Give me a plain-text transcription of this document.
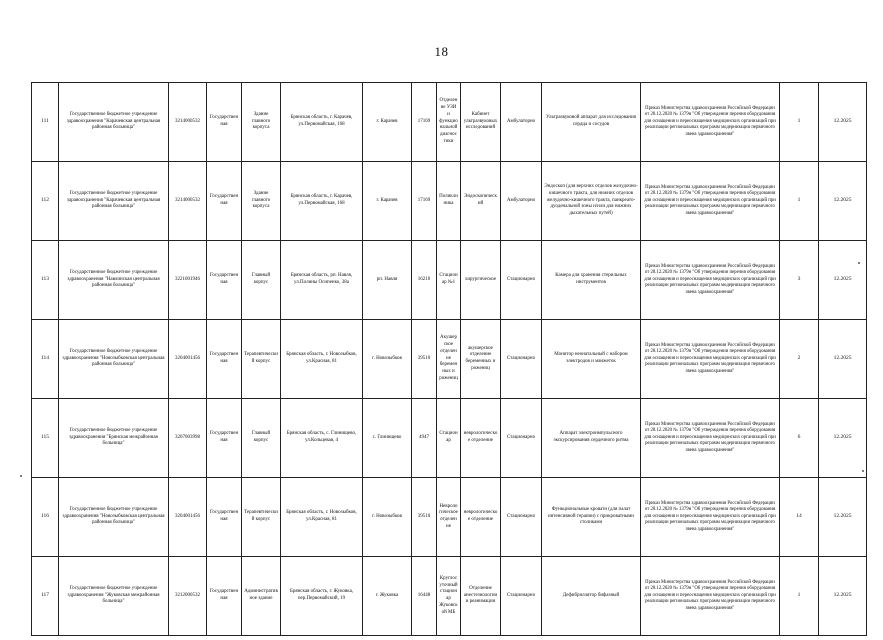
18
111	Государственное бюджетное учреждение здравоохранения "Карачевская центральная районная больница"	3214000532	Государственная	Здание главного корпуса	Брянская область, г. Карачев, ул.Первомайская, 168	г. Карачев	17169	Отделение УЗИ и функциональной диагностики	Кабинет ультразвуковых исследований	Амбулаторно	Ультразвуковой аппарат для исследования сердца и сосудов	Приказ Министерства здравоохранения Российской Федерации от 28.12.2020 № 1379н "Об утверждении перечня оборудования для оснащения и переоснащения медицинских организаций при реализации региональных программ модернизации первичного звена здравоохранения"	1	12.2025
112	Государственное бюджетное учреждение здравоохранения "Карачевская центральная районная больница"	3214000532	Государственная	Здание главного корпуса	Брянская область, г. Карачев, ул.Первомайская, 168	г. Карачев	17169	Поликлиника	Эндоскопический	Амбулаторно	Эндоскоп (для верхних отделов желудочно-кишечного тракта, для нижних отделов желудочно-кишечного тракта, панкреато-дуоденальной зоны и/или для нижних дыхательных путей)	Приказ Министерства здравоохранения Российской Федерации от 28.12.2020 № 1379н "Об утверждении перечня оборудования для оснащения и переоснащения медицинских организаций при реализации региональных программ модернизации первичного звена здравоохранения"	1	12.2025
113	Государственное бюджетное учреждение здравоохранения "Навлинская центральная районная больница"	3221001946	Государственная	Главный корпус	Брянская область, рп. Навля, ул.Полины Осипенко, 38а	рп. Навля	16210	Стационар №1	хирургическое	Стационарно	Камера для хранения стерильных инструментов	Приказ Министерства здравоохранения Российской Федерации от 28.12.2020 № 1379н "Об утверждении перечня оборудования для оснащения и переоснащения медицинских организаций при реализации региональных программ модернизации первичного звена здравоохранения"	3	12.2025
114	Государственное бюджетное учреждение здравоохранения "Новозыбковская центральная районная больница"	3204001456	Государственная	Терапевтический корпус	Брянская область, г. Новозыбков, ул.Красная, 81	г. Новозыбков	39510	Акушерское отделение беременных и рожениц	акушерское отделение беременных и рожениц	Стационарно	Монитор неонатальный с набором электродов и манжеток	Приказ Министерства здравоохранения Российской Федерации от 28.12.2020 № 1379н "Об утверждении перечня оборудования для оснащения и переоснащения медицинских организаций при реализации региональных программ модернизации первичного звена здравоохранения"	2	12.2025
115	Государственное бюджетное учреждение здравоохранения "Брянская межрайонная больница"	3207003998	Государственная	Главный корпус	Брянская область, с. Глинищево, ул.Кольцевая, 4	с. Глинищево	4947	Стационар	неврологическое отделение	Стационарно	Аппарат электроимпульсного экскурсирования сердечного ритма	Приказ Министерства здравоохранения Российской Федерации от 28.12.2020 № 1379н "Об утверждении перечня оборудования для оснащения и переоснащения медицинских организаций при реализации региональных программ модернизации первичного звена здравоохранения"	6	12.2025
116	Государственное бюджетное учреждение здравоохранения "Новозыбковская центральная районная больница"	3204001456	Государственная	Терапевтический корпус	Брянская область, г. Новозыбков, ул.Красная, 81	г. Новозыбков	39510	Неврологическое отделение	неврологическое отделение	Стационарно	Функциональные кровати (для палат интенсивной терапии) с прикроватными столиками	Приказ Министерства здравоохранения Российской Федерации от 28.12.2020 № 1379н "Об утверждении перечня оборудования для оснащения и переоснащения медицинских организаций при реализации региональных программ модернизации первичного звена здравоохранения"	14	12.2025
117	Государственное бюджетное учреждение здравоохранения "Жуковская межрайонная больница"	3212000532	Государственная	Административное здание	Брянская область, г. Жуковка, пер.Первомайский, 19	г. Жуковка	16448	Круглосуточный стационар Жуковской МБ	Отделение анестезиологии и реанимации	Стационарно	Дефибриллятор бифазный	Приказ Министерства здравоохранения Российской Федерации от 28.12.2020 № 1379н "Об утверждении перечня оборудования для оснащения и переоснащения медицинских организаций при реализации региональных программ модернизации первичного звена здравоохранения"	1	12.2025
